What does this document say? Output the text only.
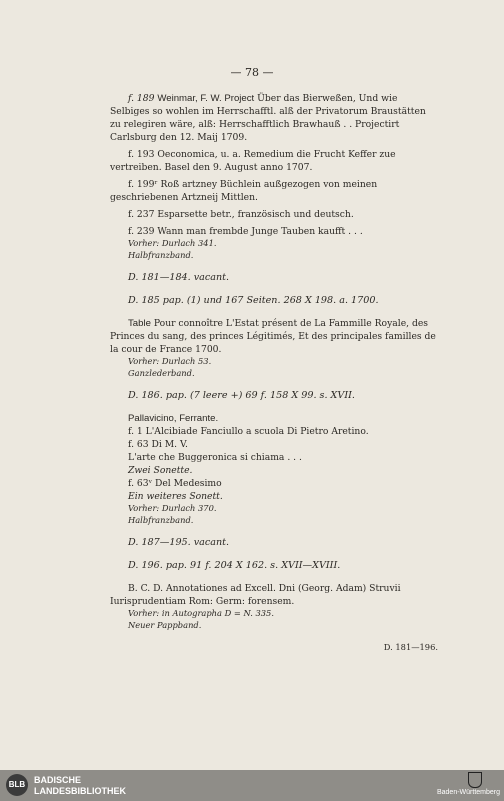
— 78 —
f. 189 Weinmar, F. W. Project Über das Bierweßen, Und wie Selbiges so wohlen im Herrschafftl. alß der Privatorum Braustätten zu relegiren wäre, alß: Herrschafftlich Brawhauß . . Projectirt Carlsburg den 12. Maij 1709.
f. 193 Oeconomica, u. a. Remedium die Frucht Keffer zue vertreiben. Basel den 9. August anno 1707.
f. 199ʳ Roß artzney Büchlein außgezogen von meinen geschriebenen Artzneij Mittlen.
f. 237 Esparsette betr., französisch und deutsch.
f. 239 Wann man frembde Junge Tauben kaufft . . .
Vorher: Durlach 341.
Halbfranzband.
D. 181—184. vacant.
D. 185 pap. (1) und 167 Seiten. 268 X 198. a. 1700.
Table Pour connoître L'Estat présent de La Fammille Royale, des Princes du sang, des princes Légitimés, Et des principales familles de la cour de France 1700.
Vorher: Durlach 53.
Ganzlederband.
D. 186. pap. (7 leere +) 69 f. 158 X 99. s. XVII.
Pallavicino, Ferrante.
f. 1 L'Alcibiade Fanciullo a scuola Di Pietro Aretino.
f. 63 Di M. V.
L'arte che Buggeronica si chiama . . .
Zwei Sonette.
f. 63ᵛ Del Medesimo
Ein weiteres Sonett.
Vorher: Durlach 370.
Halbfranzband.
D. 187—195. vacant.
D. 196. pap. 91 f. 204 X 162. s. XVII—XVIII.
B. C. D. Annotationes ad Excell. Dni (Georg. Adam) Struvii Iurisprudentiam Rom: Germ: forensem.
Vorher: in Autographa D = N. 335.
Neuer Pappband.
D. 181—196.
BLB BADISCHE
LANDESBIBLIOTHEK	Baden-Württemberg
